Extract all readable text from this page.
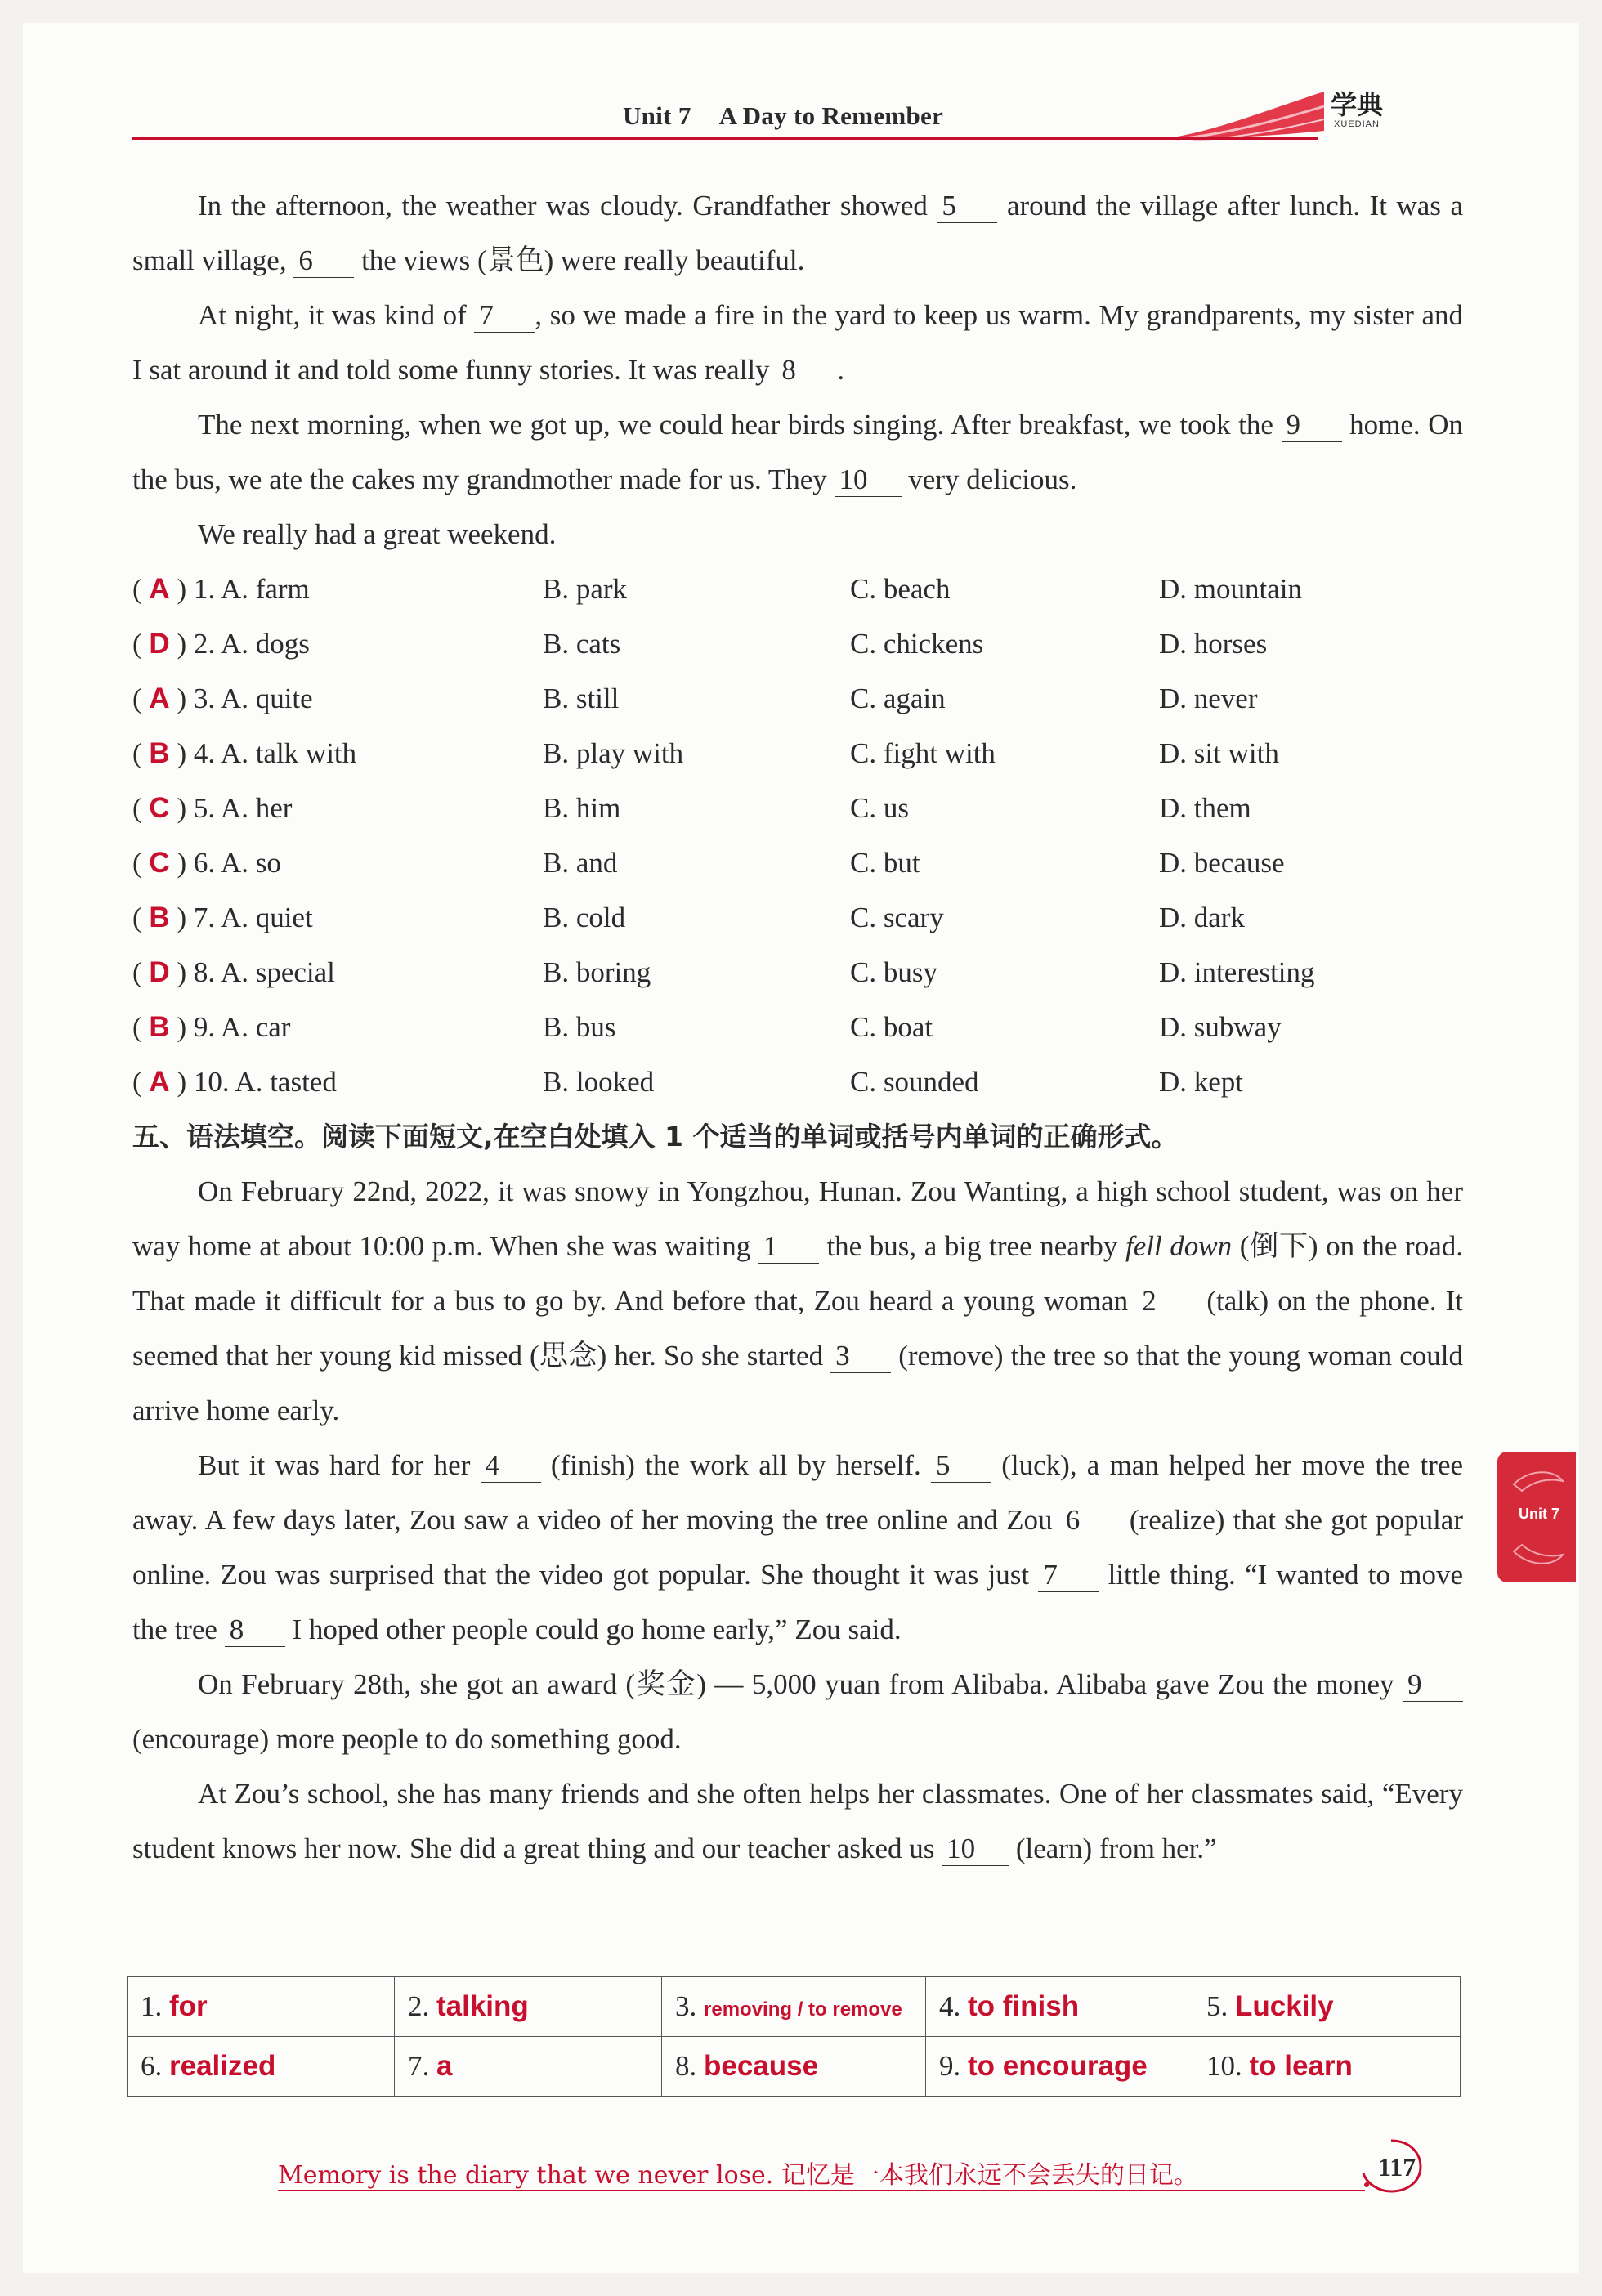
Unit 7 A Day to Remember	学典
XUEDIAN

In the afternoon, the weather was cloudy. Grandfather showed 5 around the village after lunch. It was a small village, 6 the views (景色) were really beautiful.

At night, it was kind of 7 , so we made a fire in the yard to keep us warm. My grandparents, my sister and I sat around it and told some funny stories. It was really 8 .

The next morning, when we got up, we could hear birds singing. After breakfast, we took the 9 home. On the bus, we ate the cakes my grandmother made for us. They 10 very delicious.

We really had a great weekend.

( A ) 1. A. farm	B. park	C. beach	D. mountain
( D ) 2. A. dogs	B. cats	C. chickens	D. horses
( A ) 3. A. quite	B. still	C. again	D. never
( B ) 4. A. talk with	B. play with	C. fight with	D. sit with
( C ) 5. A. her	B. him	C. us	D. them
( C ) 6. A. so	B. and	C. but	D. because
( B ) 7. A. quiet	B. cold	C. scary	D. dark
( D ) 8. A. special	B. boring	C. busy	D. interesting
( B ) 9. A. car	B. bus	C. boat	D. subway
( A ) 10. A. tasted	B. looked	C. sounded	D. kept

五、语法填空。阅读下面短文,在空白处填入 1 个适当的单词或括号内单词的正确形式。

On February 22nd, 2022, it was snowy in Yongzhou, Hunan. Zou Wanting, a high school student, was on her way home at about 10:00 p.m. When she was waiting 1 the bus, a big tree nearby fell down (倒下) on the road. That made it difficult for a bus to go by. And before that, Zou heard a young woman 2 (talk) on the phone. It seemed that her young kid missed (思念) her. So she started 3 (remove) the tree so that the young woman could arrive home early.

But it was hard for her 4 (finish) the work all by herself. 5 (luck), a man helped her move the tree away. A few days later, Zou saw a video of her moving the tree online and Zou 6 (realize) that she got popular online. Zou was surprised that the video got popular. She thought it was just 7 little thing. “I wanted to move the tree 8 I hoped other people could go home early,” Zou said.

On February 28th, she got an award (奖金) — 5,000 yuan from Alibaba. Alibaba gave Zou the money 9 (encourage) more people to do something good.

At Zou’s school, she has many friends and she often helps her classmates. One of her classmates said, “Every student knows her now. She did a great thing and our teacher asked us 10 (learn) from her.”

1. for	2. talking	3. removing / to remove	4. to finish	5. Luckily
6. realized	7. a	8. because	9. to encourage	10. to learn
Unit 7
Memory is the diary that we never lose. 记忆是一本我们永远不会丢失的日记。	117
